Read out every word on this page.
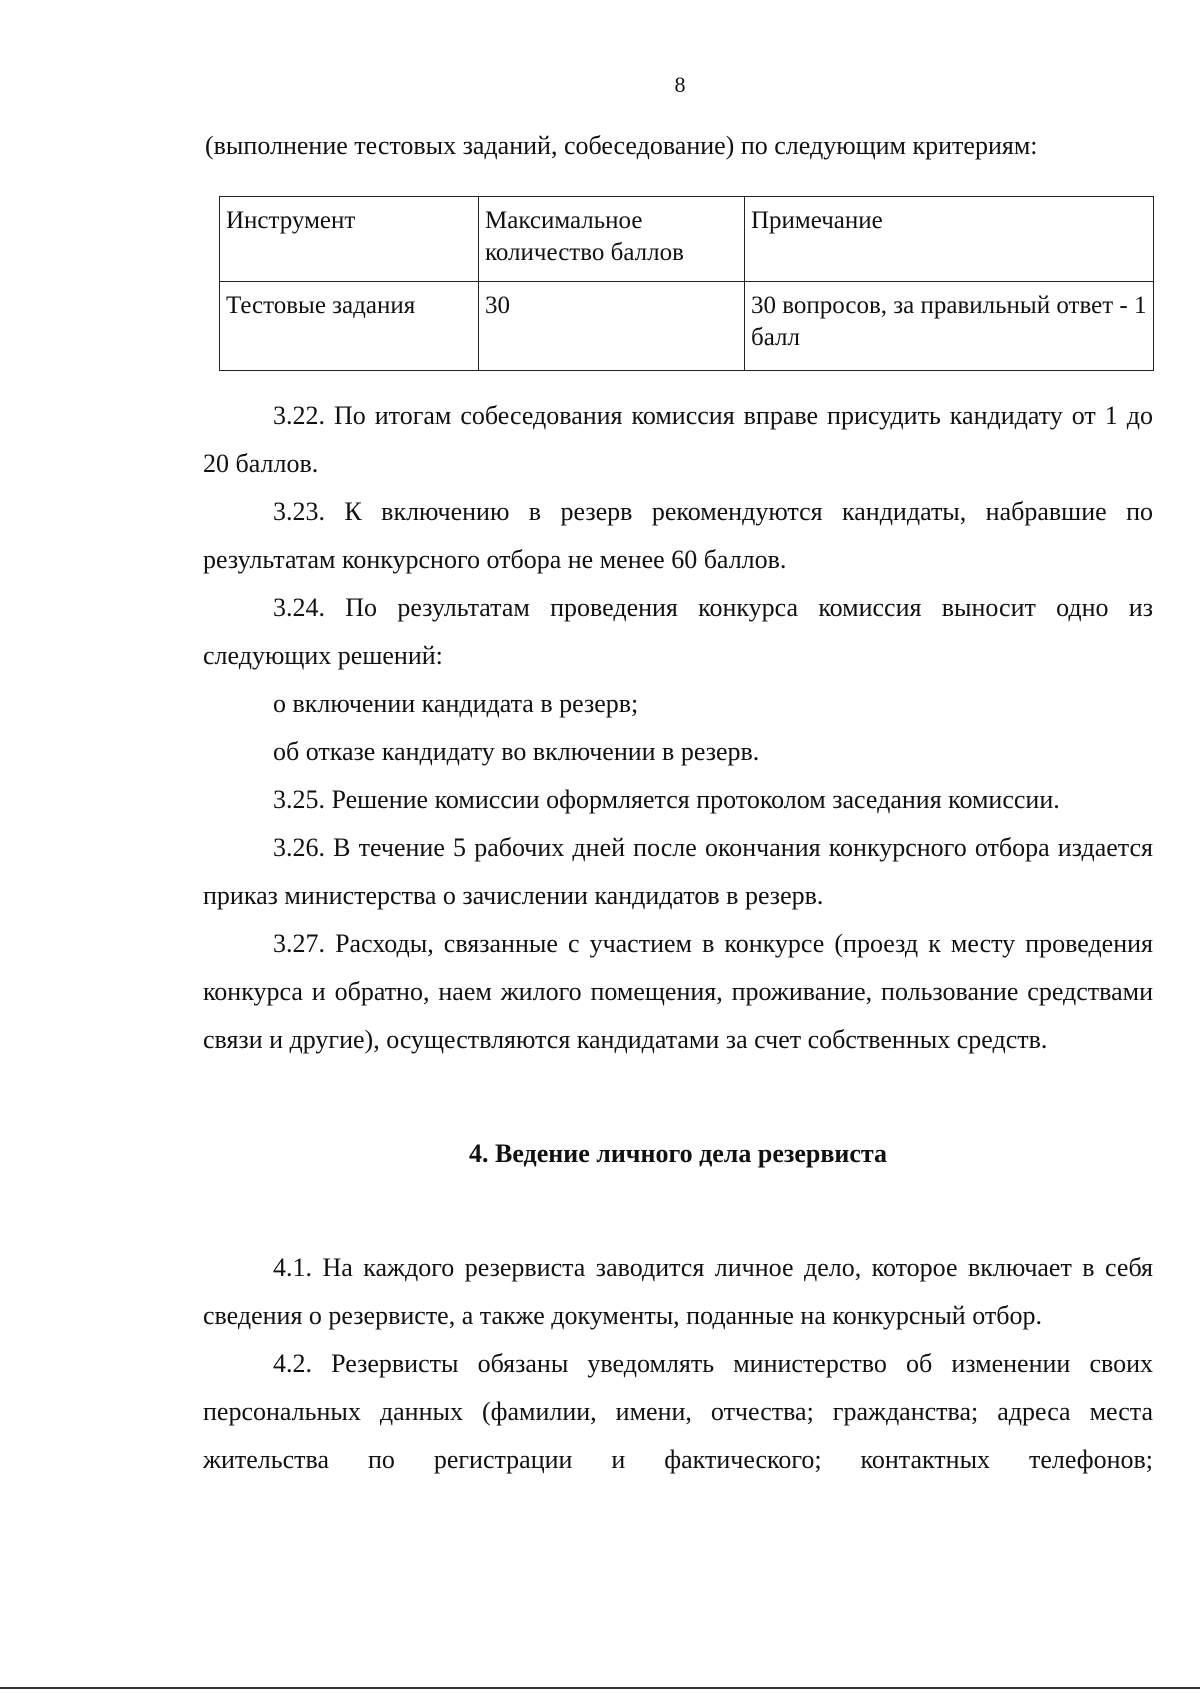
8
(выполнение тестовых заданий, собеседование) по следующим критериям:
Инструмент	Максимальное количество баллов	Примечание
Тестовые задания	30	30 вопросов, за правильный ответ - 1 балл

3.22. По итогам собеседования комиссия вправе присудить кандидату от 1 до 20 баллов.

3.23. К включению в резерв рекомендуются кандидаты, набравшие по результатам конкурсного отбора не менее 60 баллов.

3.24. По результатам проведения конкурса комиссия выносит одно из следующих решений:

о включении кандидата в резерв;

об отказе кандидату во включении в резерв.

3.25. Решение комиссии оформляется протоколом заседания комиссии.

3.26. В течение 5 рабочих дней после окончания конкурсного отбора издается приказ министерства о зачислении кандидатов в резерв.

3.27. Расходы, связанные с участием в конкурсе (проезд к месту проведения конкурса и обратно, наем жилого помещения, проживание, пользование средствами связи и другие), осуществляются кандидатами за счет собственных средств.

4. Ведение личного дела резервиста

4.1. На каждого резервиста заводится личное дело, которое включает в себя сведения о резервисте, а также документы, поданные на конкурсный отбор.

4.2. Резервисты обязаны уведомлять министерство об изменении своих персональных данных (фамилии, имени, отчества; гражданства; адреса места жительства по регистрации и фактического; контактных телефонов;
